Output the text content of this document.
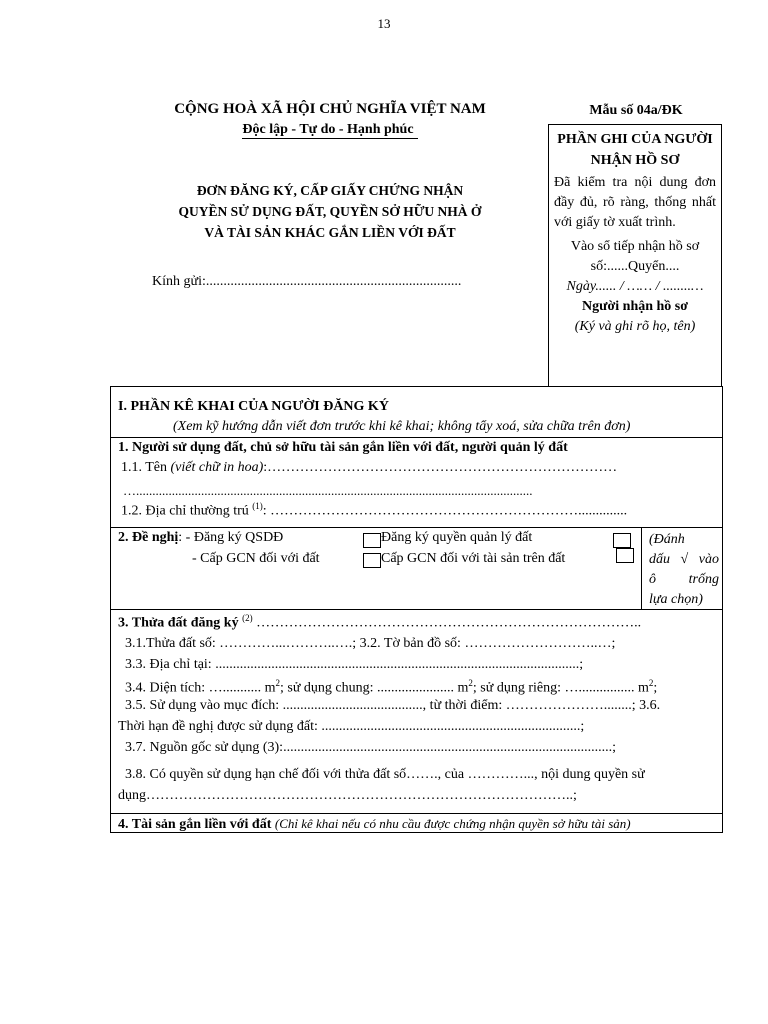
13
CỘNG HOÀ XÃ HỘI CHỦ NGHĨA VIỆT NAM
Độc lập - Tự do - Hạnh phúc
Mẫu số 04a/ĐK
ĐƠN ĐĂNG KÝ, CẤP GIẤY CHỨNG NHẬN
QUYỀN SỬ DỤNG ĐẤT, QUYỀN SỞ HỮU NHÀ Ở
VÀ TÀI SẢN KHÁC GẮN LIỀN VỚI ĐẤT
Kính gửi:.........................................................................

PHẦN GHI CỦA NGƯỜI

NHẬN HỒ SƠ

Đã kiểm tra nội dung đơn đầy đủ, rõ ràng, thống nhất với giấy tờ xuất trình.

Vào sổ tiếp nhận hồ sơ

số:......Quyển....

Ngày...... / …… / ........…

Người nhận hồ sơ

(Ký và ghi rõ họ, tên)

I. PHẦN KÊ KHAI CỦA NGƯỜI ĐĂNG KÝ
(Xem kỹ hướng dẫn viết đơn trước khi kê khai; không tẩy xoá, sửa chữa trên đơn)
1. Người sử dụng đất, chủ sở hữu tài sản gắn liền với đất, người quản lý đất
1.1. Tên (viết chữ in hoa):…………………………………………………………………
…..........................................................................................................................
1.2. Địa chỉ thường trú $^{(1)}$: …………………………………………………………..............
2. Đề nghị: - Đăng ký QSDĐ	Đăng ký quyền quản lý đất
- Cấp GCN đối với đất	Cấp GCN đối với tài sản trên đất
(Đánh
dấu √ vào
ô trống
lựa chọn)
3. Thửa đất đăng ký $^{(2)}$ ………………………………………………………………………..
3.1.Thửa đất số: …………...………..….; 3.2. Tờ bản đồ số: ………………………..…;
3.3. Địa chỉ tại: ........................................................................................................;
3.4. Diện tích: …........... $m^2$; sử dụng chung: ...................... $m^2$; sử dụng riêng: …................ $m^2$;
3.5. Sử dụng vào mục đích: ........................................, từ thời điểm: …………………........; 3.6.
Thời hạn đề nghị được sử dụng đất: ..........................................................................;
3.7. Nguồn gốc sử dụng (3):..............................................................................................;
3.8. Có quyền sử dụng hạn chế đối với thửa đất số……., của …………..., nội dung quyền sử
dụng………………………………………………………………………………..;
4. Tài sản gắn liền với đất (Chỉ kê khai nếu có nhu cầu được chứng nhận quyền sở hữu tài sản)
